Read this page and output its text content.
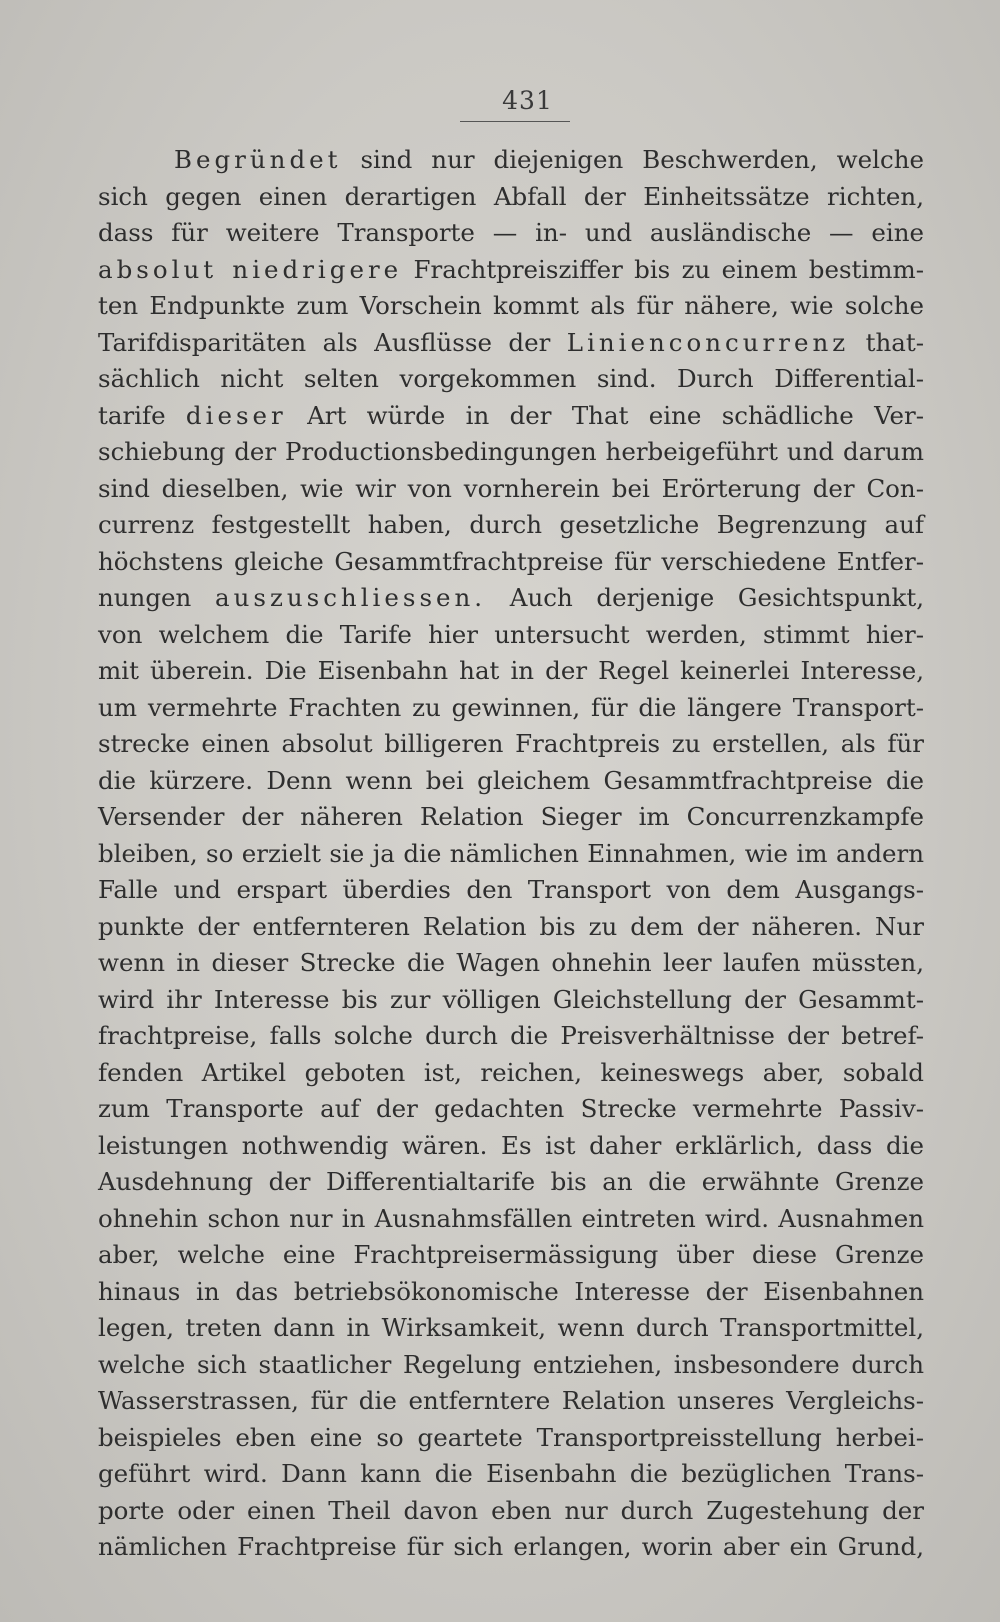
431
Begründet sind nur diejenigen Beschwerden, welche
sich gegen einen derartigen Abfall der Einheitssätze richten,
dass für weitere Transporte — in- und ausländische — eine
absolut niedrigere Frachtpreisziffer bis zu einem bestimm-
ten Endpunkte zum Vorschein kommt als für nähere, wie solche
Tarifdisparitäten als Ausflüsse der Linienconcurrenz that-
sächlich nicht selten vorgekommen sind. Durch Differential-
tarife dieser Art würde in der That eine schädliche Ver-
schiebung der Productionsbedingungen herbeigeführt und darum
sind dieselben, wie wir von vornherein bei Erörterung der Con-
currenz festgestellt haben, durch gesetzliche Begrenzung auf
höchstens gleiche Gesammtfrachtpreise für verschiedene Entfer-
nungen auszuschliessen. Auch derjenige Gesichtspunkt,
von welchem die Tarife hier untersucht werden, stimmt hier-
mit überein. Die Eisenbahn hat in der Regel keinerlei Interesse,
um vermehrte Frachten zu gewinnen, für die längere Transport-
strecke einen absolut billigeren Frachtpreis zu erstellen, als für
die kürzere. Denn wenn bei gleichem Gesammtfrachtpreise die
Versender der näheren Relation Sieger im Concurrenzkampfe
bleiben, so erzielt sie ja die nämlichen Einnahmen, wie im andern
Falle und erspart überdies den Transport von dem Ausgangs-
punkte der entfernteren Relation bis zu dem der näheren. Nur
wenn in dieser Strecke die Wagen ohnehin leer laufen müssten,
wird ihr Interesse bis zur völligen Gleichstellung der Gesammt-
frachtpreise, falls solche durch die Preisverhältnisse der betref-
fenden Artikel geboten ist, reichen, keineswegs aber, sobald
zum Transporte auf der gedachten Strecke vermehrte Passiv-
leistungen nothwendig wären. Es ist daher erklärlich, dass die
Ausdehnung der Differentialtarife bis an die erwähnte Grenze
ohnehin schon nur in Ausnahmsfällen eintreten wird. Ausnahmen
aber, welche eine Frachtpreisermässigung über diese Grenze
hinaus in das betriebsökonomische Interesse der Eisenbahnen
legen, treten dann in Wirksamkeit, wenn durch Transportmittel,
welche sich staatlicher Regelung entziehen, insbesondere durch
Wasserstrassen, für die entferntere Relation unseres Vergleichs-
beispieles eben eine so geartete Transportpreisstellung herbei-
geführt wird. Dann kann die Eisenbahn die bezüglichen Trans-
porte oder einen Theil davon eben nur durch Zugestehung der
nämlichen Frachtpreise für sich erlangen, worin aber ein Grund,
